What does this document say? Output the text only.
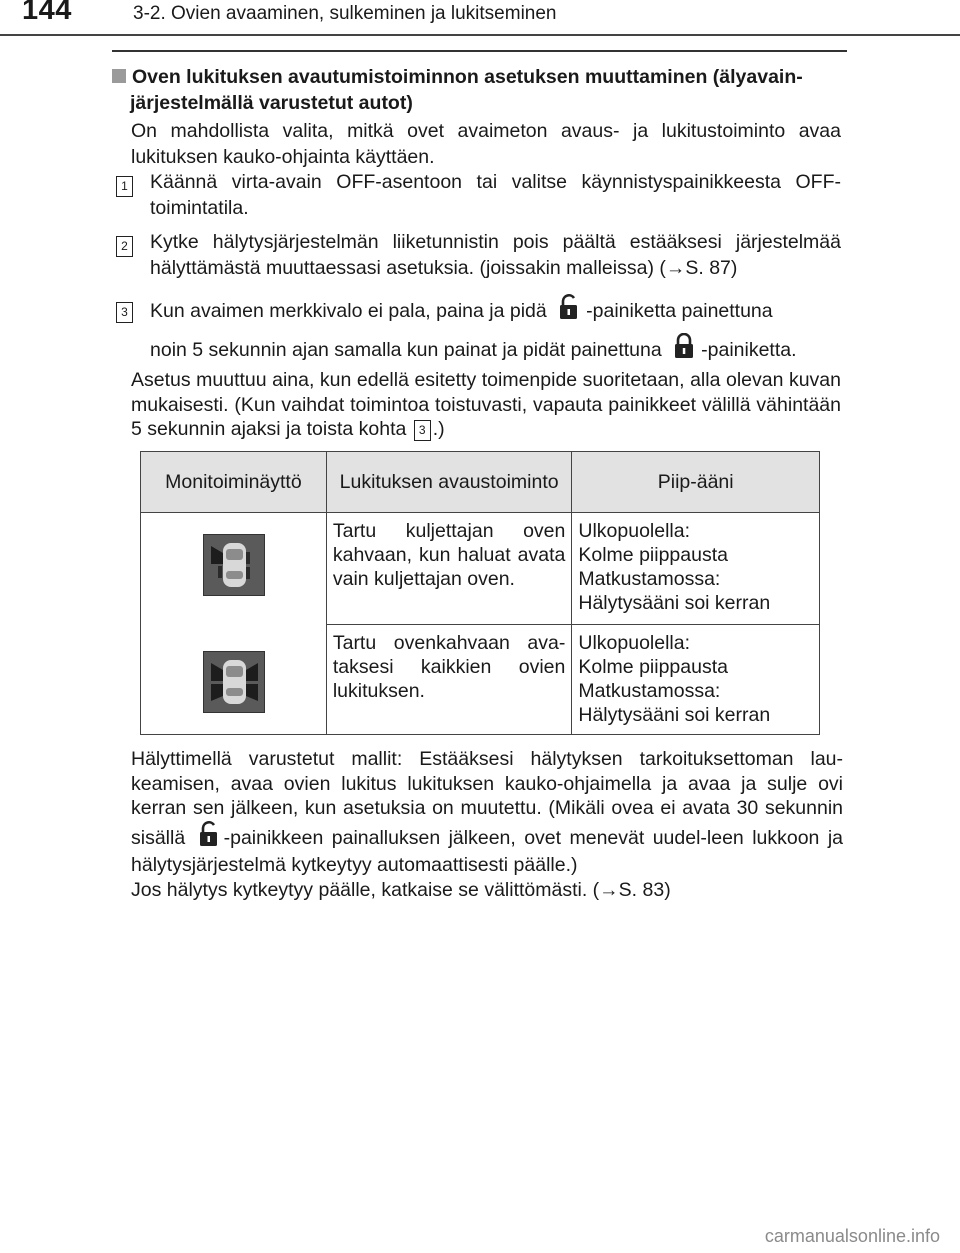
144	3-2. Ovien avaaminen, sulkeminen ja lukitseminen
Oven lukituksen avautumistoiminnon asetuksen muuttaminen (älyavain-
järjestelmällä varustetut autot)
On mahdollista valita, mitkä ovet avaimeton avaus- ja lukitustoiminto avaa lukituksen kauko-ohjainta käyttäen.
1 Käännä virta-avain OFF-asentoon tai valitse käynnistyspainikkeesta OFF-toimintatila.
2 Kytke hälytysjärjestelmän liiketunnistin pois päältä estääksesi järjestelmää hälyttämästä muuttaessasi asetuksia. (joissakin malleissa) (→S. 87)
3 Kun avaimen merkkivalo ei pala, paina ja pidä -painiketta painettuna
noin 5 sekunnin ajan samalla kun painat ja pidät painettuna -painiketta.
Asetus muuttuu aina, kun edellä esitetty toimenpide suoritetaan, alla olevan kuvan mukaisesti. (Kun vaihdat toimintoa toistuvasti, vapauta painikkeet välillä vähintään 5 sekunnin ajaksi ja toista kohta 3 .)
Monitoiminäyttö	Lukituksen avaustoiminto	Piip-ääni

	Tartu kuljettajan oven kahvaan, kun haluat avata vain kuljettajan oven.	Ulkopuolella:
Kolme piippausta
Matkustamossa:
Hälytysääni soi kerran

	Tartu ovenkahvaan ava-taksesi kaikkien ovien lukituksen.	Ulkopuolella:
Kolme piippausta
Matkustamossa:
Hälytysääni soi kerran
Hälyttimellä varustetut mallit: Estääksesi hälytyksen tarkoituksettoman lau-keamisen, avaa ovien lukitus lukituksen kauko-ohjaimella ja avaa ja sulje ovi kerran sen jälkeen, kun asetuksia on muutettu. (Mikäli ovea ei avata 30 sekunnin sisällä -painikkeen painalluksen jälkeen, ovet menevät uudel-leen lukkoon ja hälytysjärjestelmä kytkeytyy automaattisesti päälle.)
Jos hälytys kytkeytyy päälle, katkaise se välittömästi. (→S. 83)
carmanualsonline.info
